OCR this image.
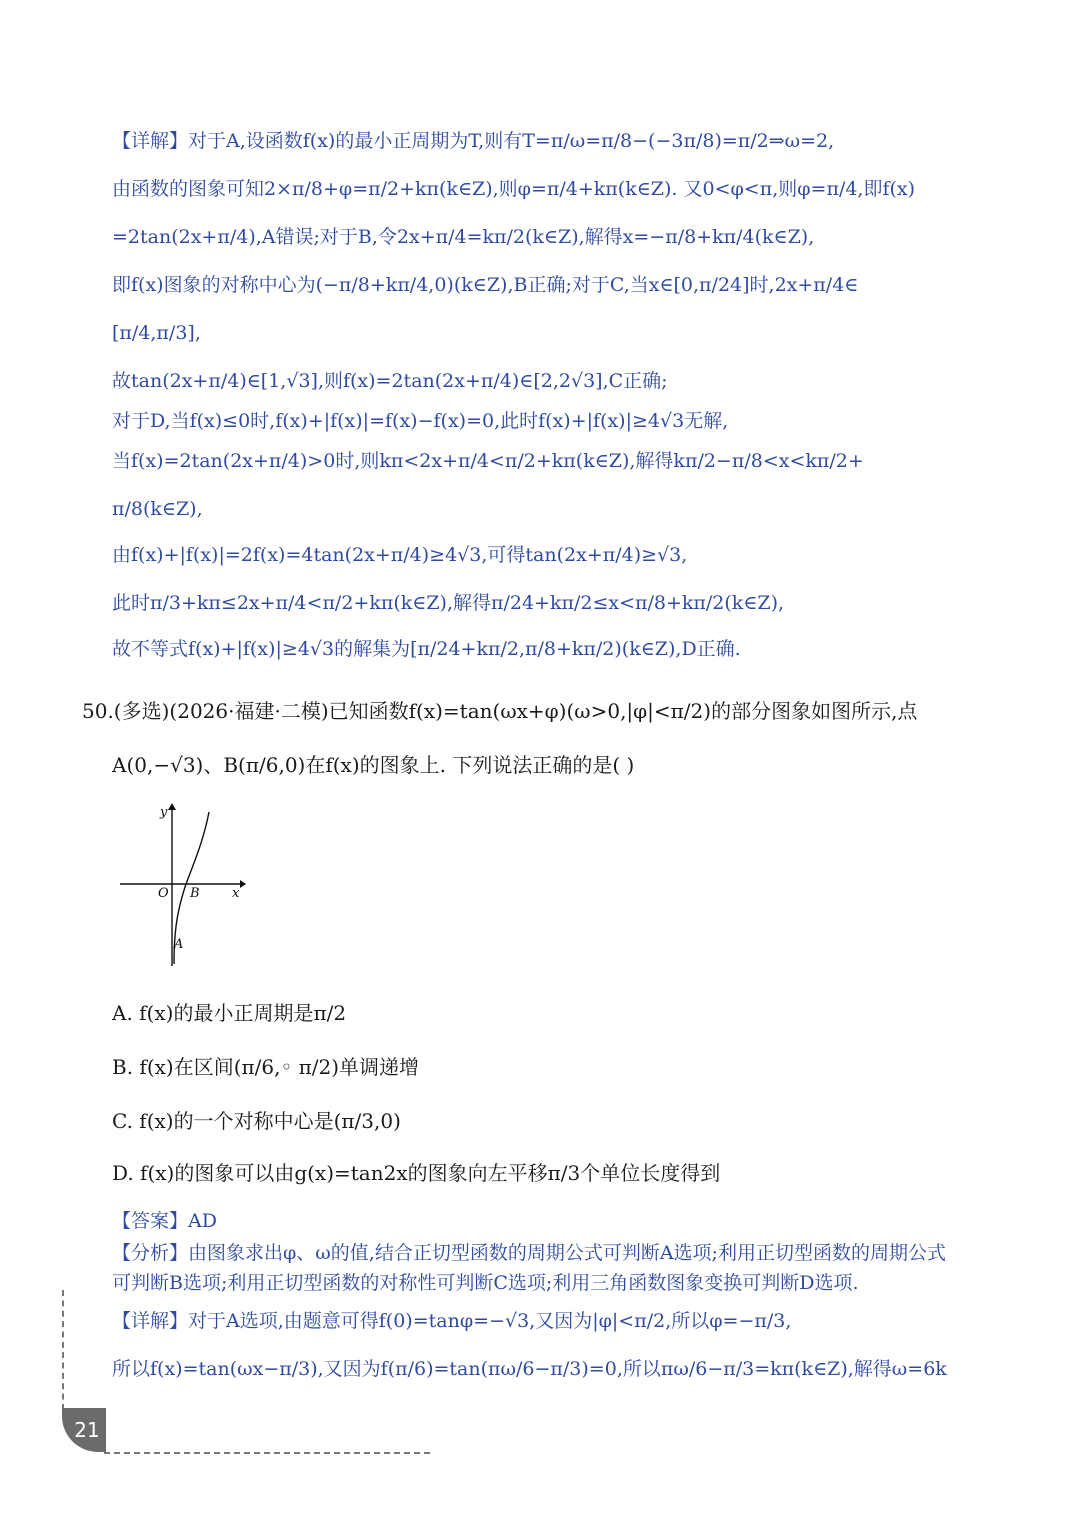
【详解】对于A,设函数f(x)的最小正周期为T,则有T=π/ω=π/8−(−3π/8)=π/2⇒ω=2,
由函数的图象可知2×π/8+φ=π/2+kπ(k∈Z),则φ=π/4+kπ(k∈Z). 又0<φ<π,则φ=π/4,即f(x)
=2tan(2x+π/4),A错误;对于B,令2x+π/4=kπ/2(k∈Z),解得x=−π/8+kπ/4(k∈Z),
即f(x)图象的对称中心为(−π/8+kπ/4,0)(k∈Z),B正确;对于C,当x∈[0,π/24]时,2x+π/4∈
[π/4,π/3],
故tan(2x+π/4)∈[1,√3],则f(x)=2tan(2x+π/4)∈[2,2√3],C正确;
对于D,当f(x)≤0时,f(x)+|f(x)|=f(x)−f(x)=0,此时f(x)+|f(x)|≥4√3无解,
当f(x)=2tan(2x+π/4)>0时,则kπ<2x+π/4<π/2+kπ(k∈Z),解得kπ/2−π/8<x<kπ/2+
π/8(k∈Z),
由f(x)+|f(x)|=2f(x)=4tan(2x+π/4)≥4√3,可得tan(2x+π/4)≥√3,
此时π/3+kπ≤2x+π/4<π/2+kπ(k∈Z),解得π/24+kπ/2≤x<π/8+kπ/2(k∈Z),
故不等式f(x)+|f(x)|≥4√3的解集为[π/24+kπ/2,π/8+kπ/2)(k∈Z),D正确.
50.(多选)(2026·福建·二模)已知函数f(x)=tan(ωx+φ)(ω>0,|φ|<π/2)的部分图象如图所示,点
A(0,−√3)、B(π/6,0)在f(x)的图象上. 下列说法正确的是( )
y
x
O B
A
A. f(x)的最小正周期是π/2
B. f(x)在区间(π/6,◦ π/2)单调递增
C. f(x)的一个对称中心是(π/3,0)
D. f(x)的图象可以由g(x)=tan2x的图象向左平移π/3个单位长度得到
【答案】AD
【分析】由图象求出φ、ω的值,结合正切型函数的周期公式可判断A选项;利用正切型函数的周期公式
可判断B选项;利用正切型函数的对称性可判断C选项;利用三角函数图象变换可判断D选项.
【详解】对于A选项,由题意可得f(0)=tanφ=−√3,又因为|φ|<π/2,所以φ=−π/3,
所以f(x)=tan(ωx−π/3),又因为f(π/6)=tan(πω/6−π/3)=0,所以πω/6−π/3=kπ(k∈Z),解得ω=6k
21
